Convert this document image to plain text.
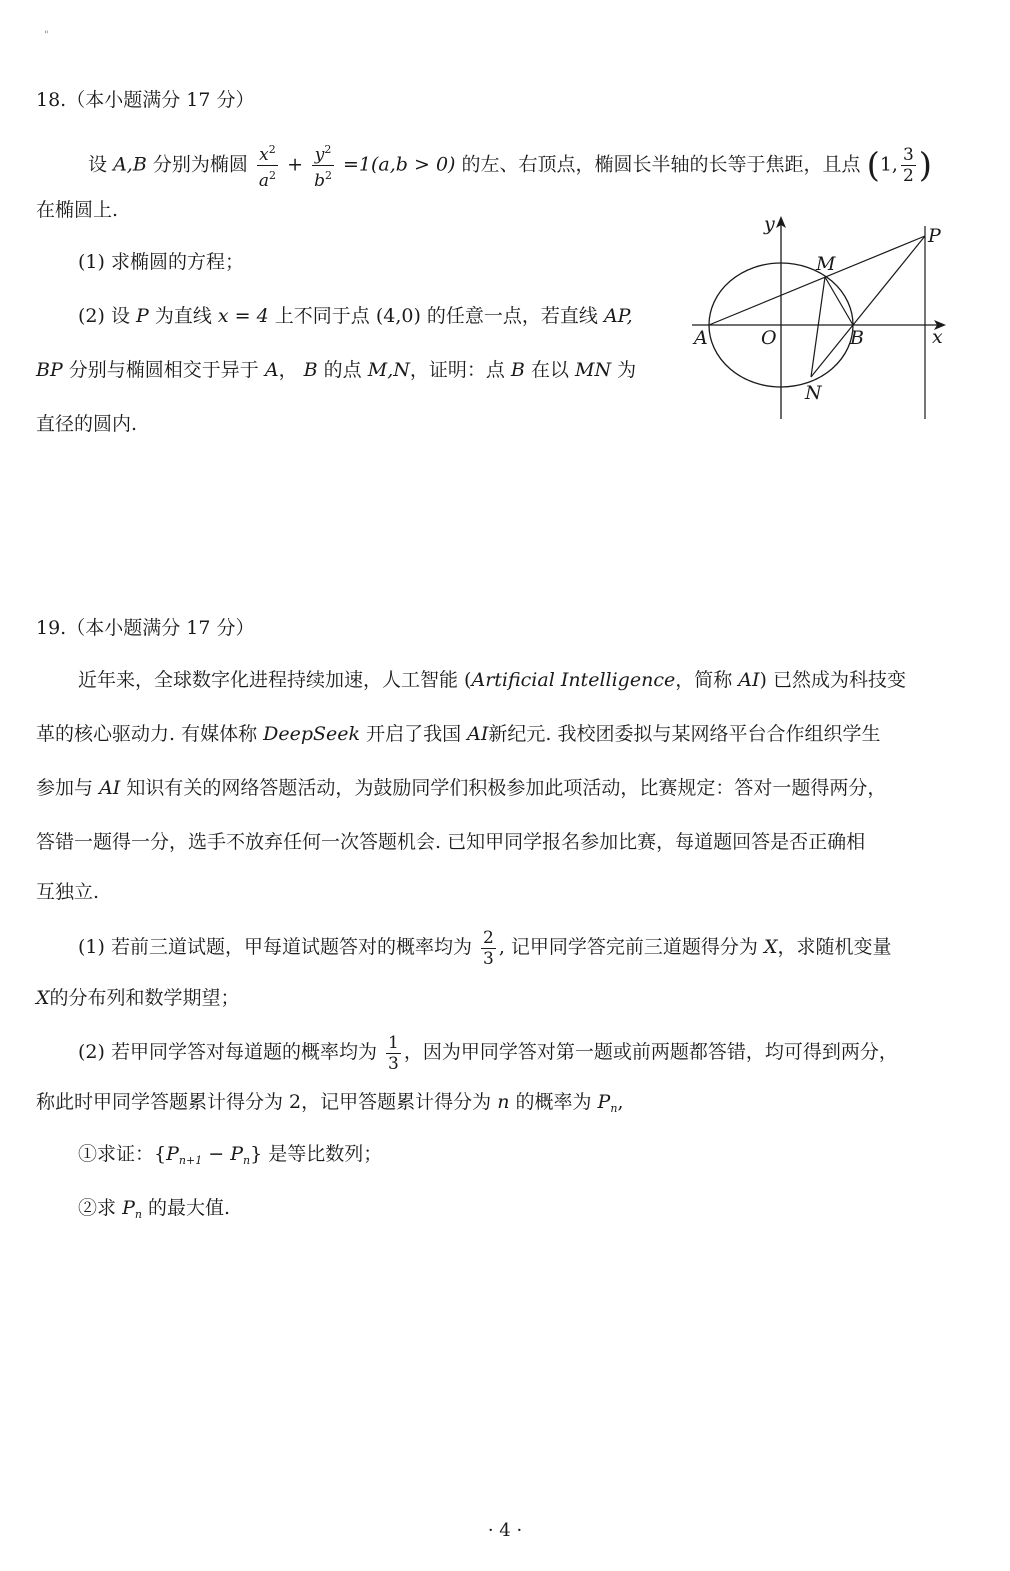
"
18.（本小题满分 17 分）
设 A,B 分别为椭圆 $\frac{x^2}{a^2} + \frac{y^2}{b^2} =1(a,b > 0)$ 的左、右顶点，椭圆长半轴的长等于焦距，且点 (1, $\frac{3}{2}$ )
在椭圆上.
(1) 求椭圆的方程；
(2) 设 P 为直线 x = 4 上不同于点 (4,0) 的任意一点，若直线 AP,
BP 分别与椭圆相交于异于 A， B 的点 M,N，证明：点 B 在以 MN 为
直径的圆内.
y
P
M
A	O	B	x
N
19.（本小题满分 17 分）
近年来，全球数字化进程持续加速，人工智能 (Artificial Intelligence，简称 AI) 已然成为科技变
革的核心驱动力. 有媒体称 DeepSeek 开启了我国 AI新纪元. 我校团委拟与某网络平台合作组织学生
参加与 AI 知识有关的网络答题活动，为鼓励同学们积极参加此项活动，比赛规定：答对一题得两分，
答错一题得一分，选手不放弃任何一次答题机会. 已知甲同学报名参加比赛，每道题回答是否正确相
互独立.
(1) 若前三道试题，甲每道试题答对的概率均为 $\frac{2}{3}$ , 记甲同学答完前三道题得分为 X，求随机变量
X的分布列和数学期望；
(2) 若甲同学答对每道题的概率均为 $\frac{1}{3}$ ，因为甲同学答对第一题或前两题都答错，均可得到两分，
称此时甲同学答题累计得分为 2，记甲答题累计得分为 n 的概率为 $P_n$,
①求证：$\{P_{n+1} - P_n\}$ 是等比数列；
②求 $P_n$ 的最大值.
· 4 ·
